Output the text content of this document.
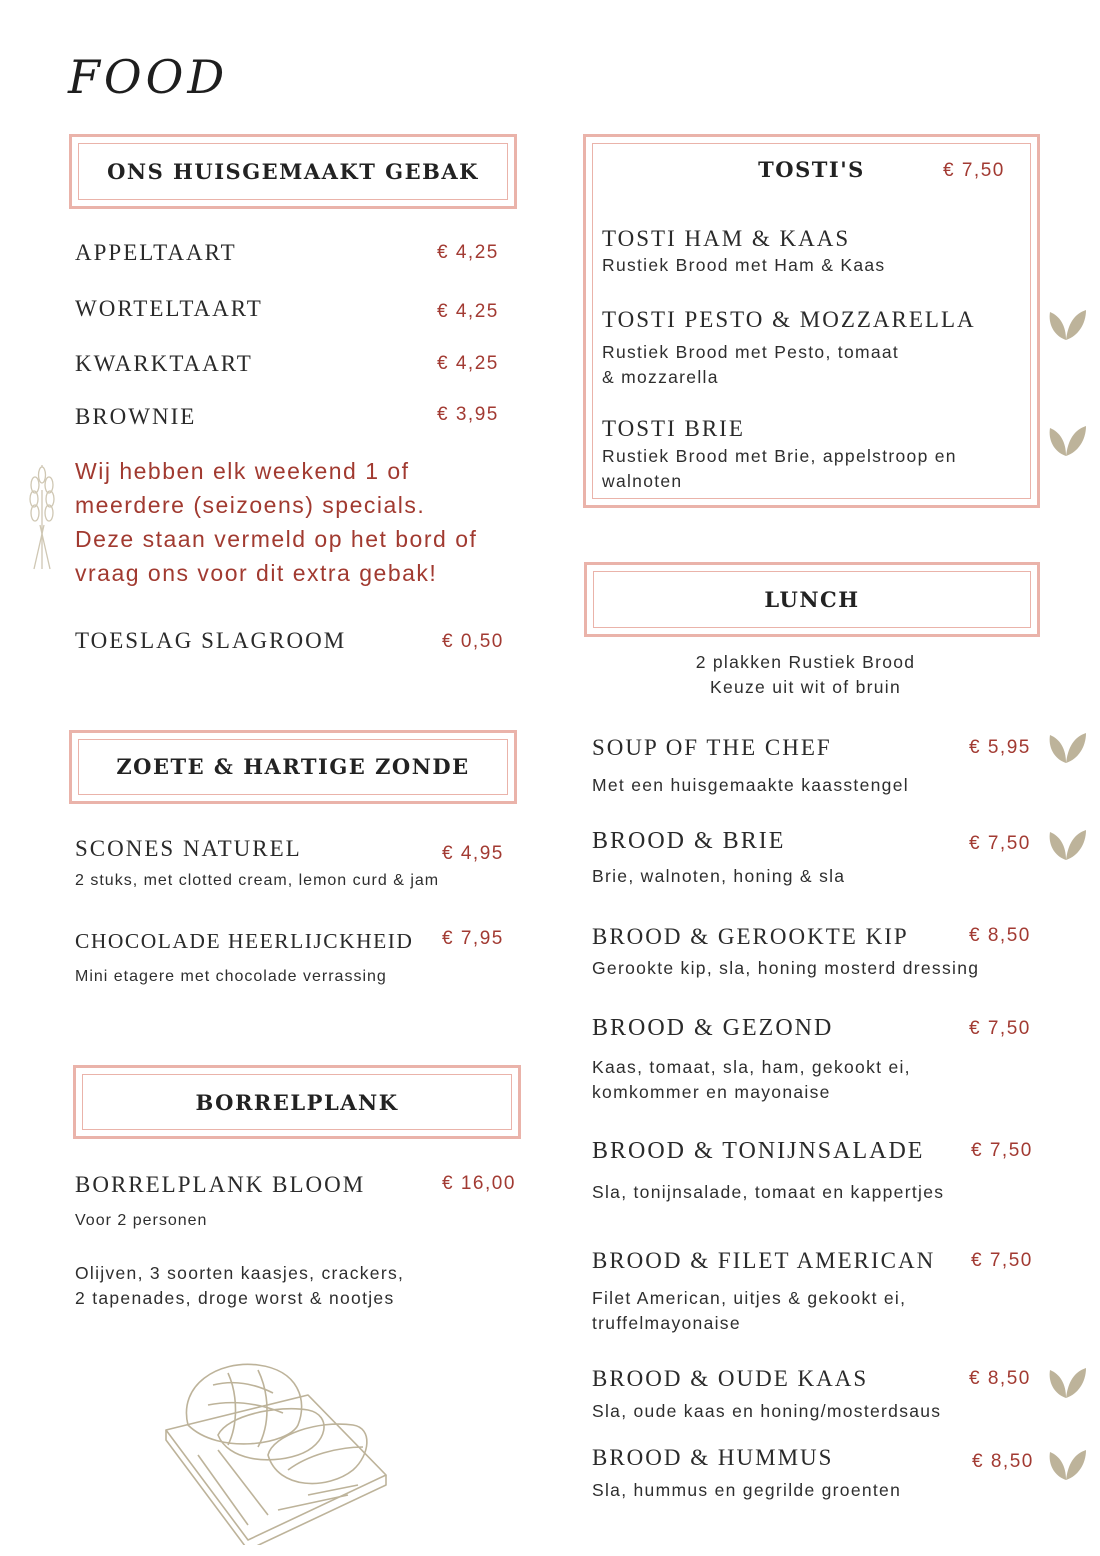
FOOD
ONS HUISGEMAAKT GEBAK
APPELTAART	€ 4,25
WORTELTAART	€ 4,25
KWARKTAART	€ 4,25
BROWNIE	€ 3,95
Wij hebben elk weekend 1 of
meerdere (seizoens) specials.
Deze staan vermeld op het bord of
vraag ons voor dit extra gebak!
TOESLAG SLAGROOM	€ 0,50
ZOETE & HARTIGE ZONDE
SCONES NATUREL	€ 4,95
2 stuks, met clotted cream, lemon curd & jam
CHOCOLADE HEERLIJCKHEID € 7,95
Mini etagere met chocolade verrassing
BORRELPLANK
BORRELPLANK BLOOM	€ 16,00
Voor 2 personen
Olijven, 3 soorten kaasjes, crackers,
2 tapenades, droge worst & nootjes
TOSTI'S	€ 7,50
TOSTI HAM & KAAS
Rustiek Brood met Ham & Kaas
TOSTI PESTO & MOZZARELLA
Rustiek Brood met Pesto, tomaat
& mozzarella
TOSTI BRIE
Rustiek Brood met Brie, appelstroop en
walnoten
LUNCH
2 plakken Rustiek Brood
Keuze uit wit of bruin
SOUP OF THE CHEF	€ 5,95
Met een huisgemaakte kaasstengel
BROOD & BRIE	€ 7,50
Brie, walnoten, honing & sla
BROOD & GEROOKTE KIP	€ 8,50
Gerookte kip, sla, honing mosterd dressing
BROOD & GEZOND	€ 7,50
Kaas, tomaat, sla, ham, gekookt ei,
komkommer en mayonaise
BROOD & TONIJNSALADE € 7,50
Sla, tonijnsalade, tomaat en kappertjes
BROOD & FILET AMERICAN € 7,50
Filet American, uitjes & gekookt ei,
truffelmayonaise
BROOD & OUDE KAAS	€ 8,50
Sla, oude kaas en honing/mosterdsaus
BROOD & HUMMUS	€ 8,50
Sla, hummus en gegrilde groenten
